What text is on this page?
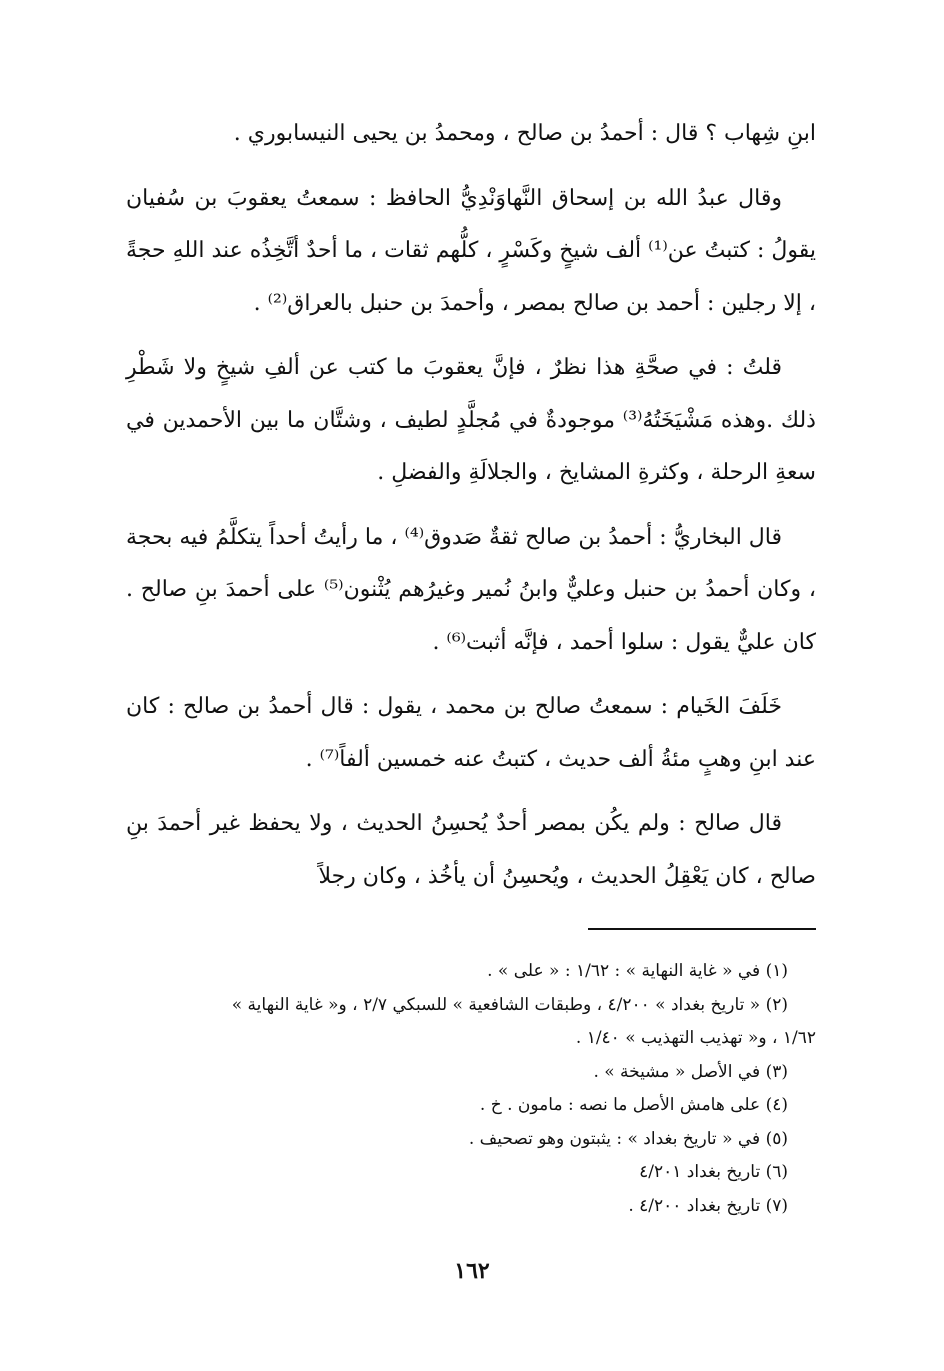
ابنِ شِهاب ؟ قال : أحمدُ بن صالح ، ومحمدُ بن يحيى النيسابوري .

وقال عبدُ الله بن إسحاق النَّهاوَنْدِيُّ الحافظ : سمعتُ يعقوبَ بن سُفيان يقولُ : كتبتُ عن⁽¹⁾ ألف شيخٍ وكَسْرٍ ، كلُّهم ثقات ، ما أحدٌ أتَّخِذُه عند اللهِ حجةً ، إلا رجلين : أحمد بن صالح بمصر ، وأحمدَ بن حنبل بالعراق⁽²⁾ .

قلتُ : في صحَّةِ هذا نظرٌ ، فإنَّ يعقوبَ ما كتب عن ألفِ شيخٍ ولا شَطْرِ ذلك .وهذه مَشْيَخَتُهُ⁽³⁾ موجودةٌ في مُجلَّدٍ لطيف ، وشتَّان ما بين الأحمدين في سعةِ الرحلة ، وكثرةِ المشايخ ، والجلالَةِ والفضلِ .

قال البخاريُّ : أحمدُ بن صالح ثقةٌ صَدوق⁽⁴⁾ ، ما رأيتُ أحداً يتكلَّمُ فيه بحجة ، وكان أحمدُ بن حنبل وعليٌّ وابنُ نُمير وغيرُهم يُثْنون⁽⁵⁾ على أحمدَ بنِ صالح . كان عليٌّ يقول : سلوا أحمد ، فإنَّه أثبت⁽⁶⁾ .

خَلَفَ الخَيام : سمعتُ صالح بن محمد ، يقول : قال أحمدُ بن صالح : كان عند ابنِ وهبٍ مئةُ ألف حديث ، كتبتُ عنه خمسين ألفاً⁽⁷⁾ .

قال صالح : ولم يكُن بمصر أحدٌ يُحسِنُ الحديث ، ولا يحفظ غير أحمدَ بنِ صالح ، كان يَعْقِلُ الحديث ، ويُحسِنُ أن يأخُذ ، وكان رجلاً

(١) في « غاية النهاية » : ١/٦٢ : « على » .
(٢) « تاريخ بغداد » ٤/٢٠٠ ، وطبقات الشافعية » للسبكي ٢/٧ ، و« غاية النهاية »
١/٦٢ ، و« تهذيب التهذيب » ١/٤٠ .
(٣) في الأصل « مشيخة » .
(٤) على هامش الأصل ما نصه : مامون . خ .
(٥) في « تاريخ بغداد » : يثبتون وهو تصحيف .
(٦) تاريخ بغداد ٤/٢٠١
(٧) تاريخ بغداد ٤/٢٠٠ .
١٦٢
